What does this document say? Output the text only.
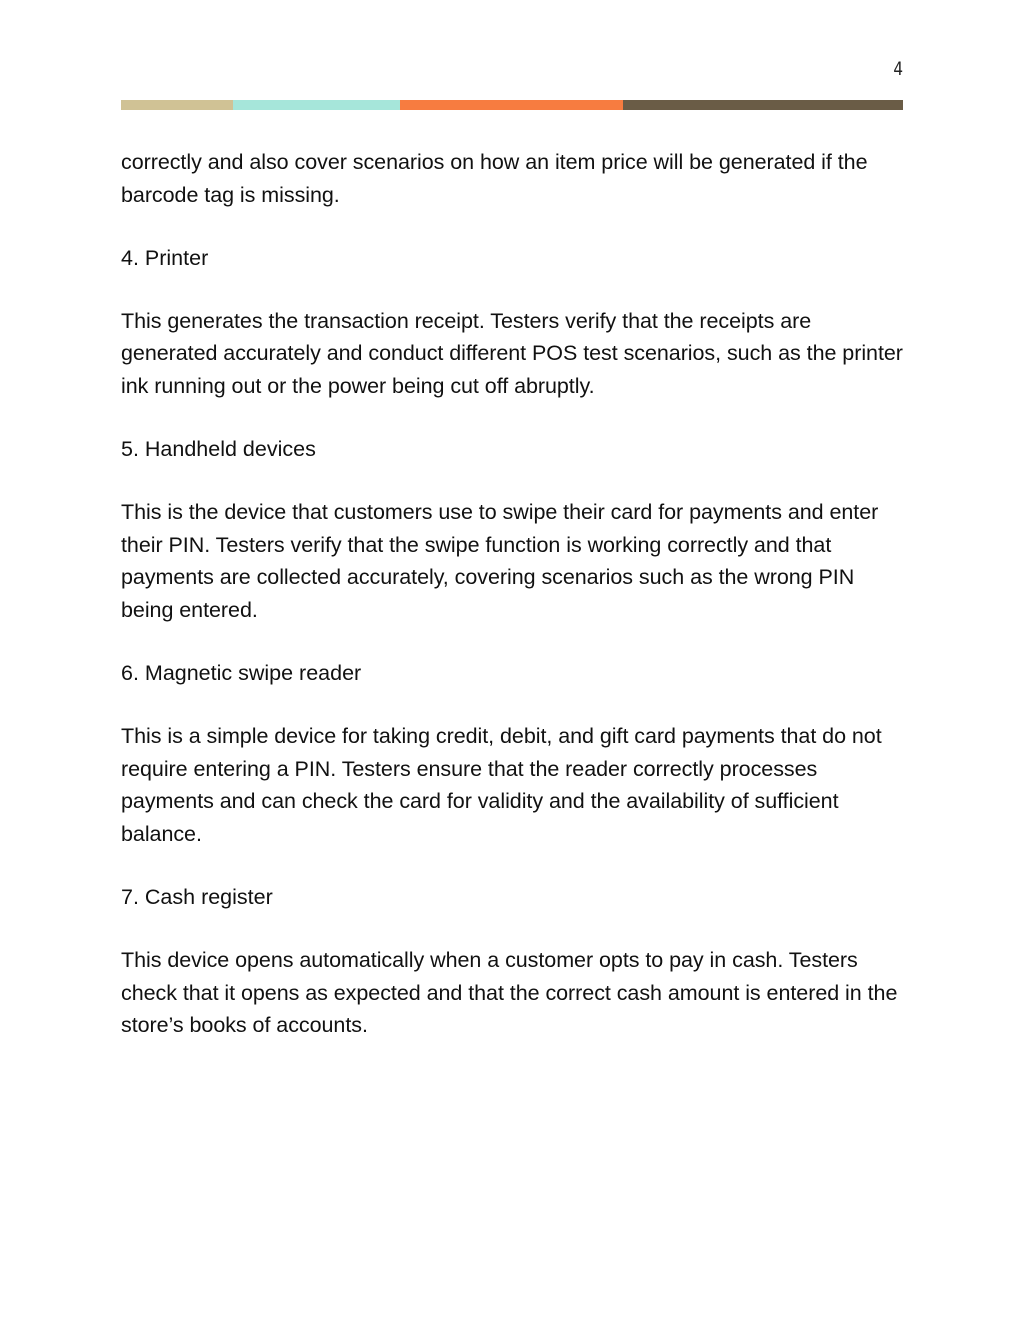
4

correctly and also cover scenarios on how an item price will be generated if the barcode tag is missing.

4. Printer

This generates the transaction receipt. Testers verify that the receipts are generated accurately and conduct different POS test scenarios, such as the printer ink running out or the power being cut off abruptly.

5. Handheld devices

This is the device that customers use to swipe their card for payments and enter their PIN. Testers verify that the swipe function is working correctly and that payments are collected accurately, covering scenarios such as the wrong PIN being entered.

6. Magnetic swipe reader

This is a simple device for taking credit, debit, and gift card payments that do not require entering a PIN. Testers ensure that the reader correctly processes payments and can check the card for validity and the availability of sufficient balance.

7. Cash register

This device opens automatically when a customer opts to pay in cash. Testers check that it opens as expected and that the correct cash amount is entered in the store’s books of accounts.
